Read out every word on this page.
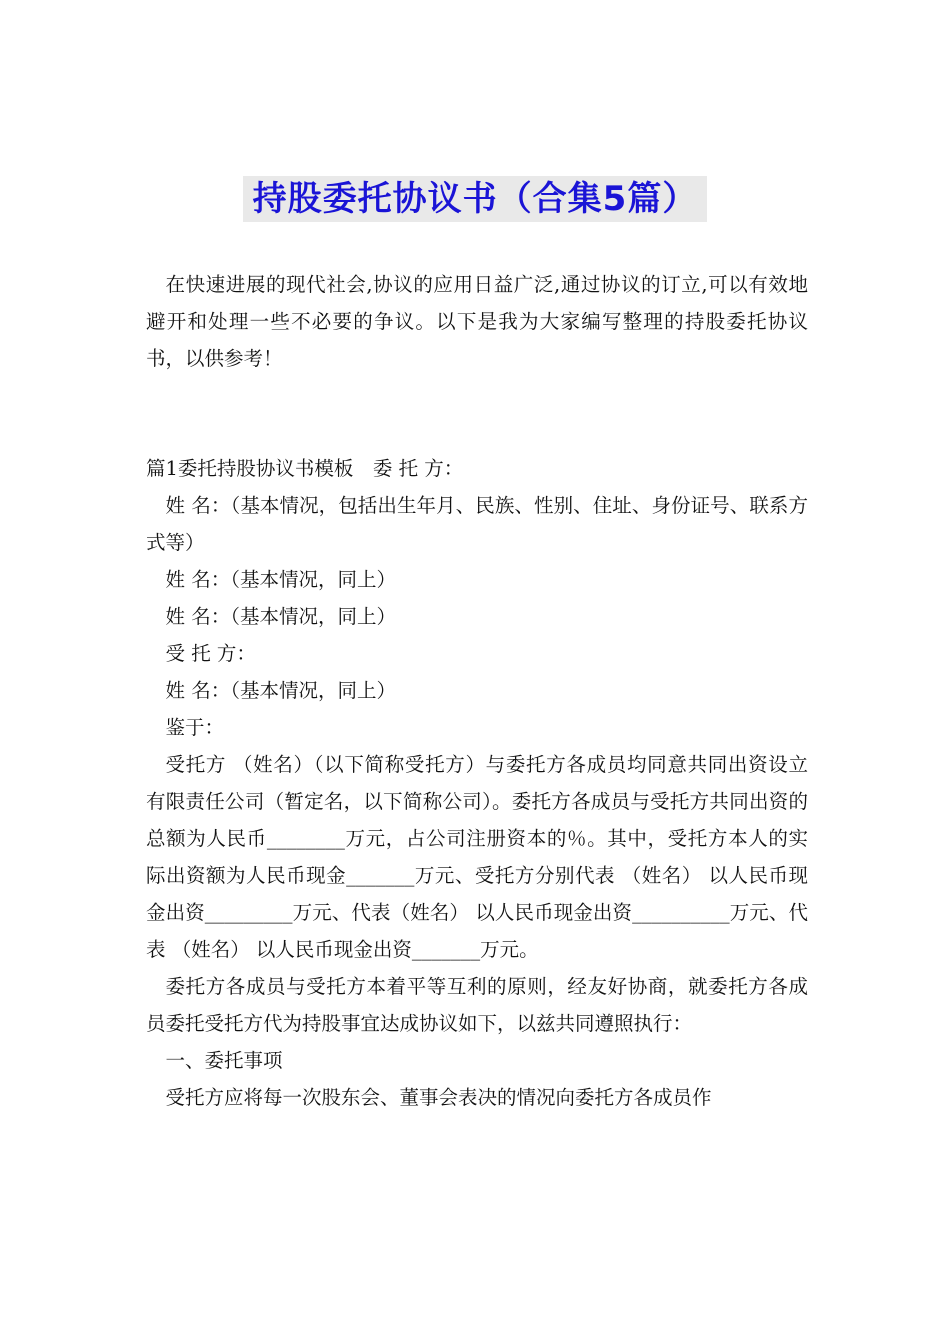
持股委托协议书（合集5篇）

在快速进展的现代社会,协议的应用日益广泛,通过协议的订立,可以有效地避开和处理一些不必要的争议。以下是我为大家编写整理的持股委托协议书，以供参考！

篇1委托持股协议书模板　委 托 方：

姓 名：（基本情况，包括出生年月、民族、性别、住址、身份证号、联系方式等）

姓 名：（基本情况，同上）

姓 名：（基本情况，同上）

受 托 方：

姓 名：（基本情况，同上）

鉴于：

受托方 （姓名）（以下简称受托方）与委托方各成员均同意共同出资设立 有限责任公司（暂定名，以下简称公司）。委托方各成员与受托方共同出资的总额为人民币________万元，占公司注册资本的％。其中，受托方本人的实际出资额为人民币现金_______万元、受托方分别代表 （姓名） 以人民币现金出资_________万元、代表（姓名） 以人民币现金出资__________万元、代表 （姓名） 以人民币现金出资_______万元。

委托方各成员与受托方本着平等互利的原则，经友好协商，就委托方各成员委托受托方代为持股事宜达成协议如下，以兹共同遵照执行：

一、委托事项

受托方应将每一次股东会、董事会表决的情况向委托方各成员作
